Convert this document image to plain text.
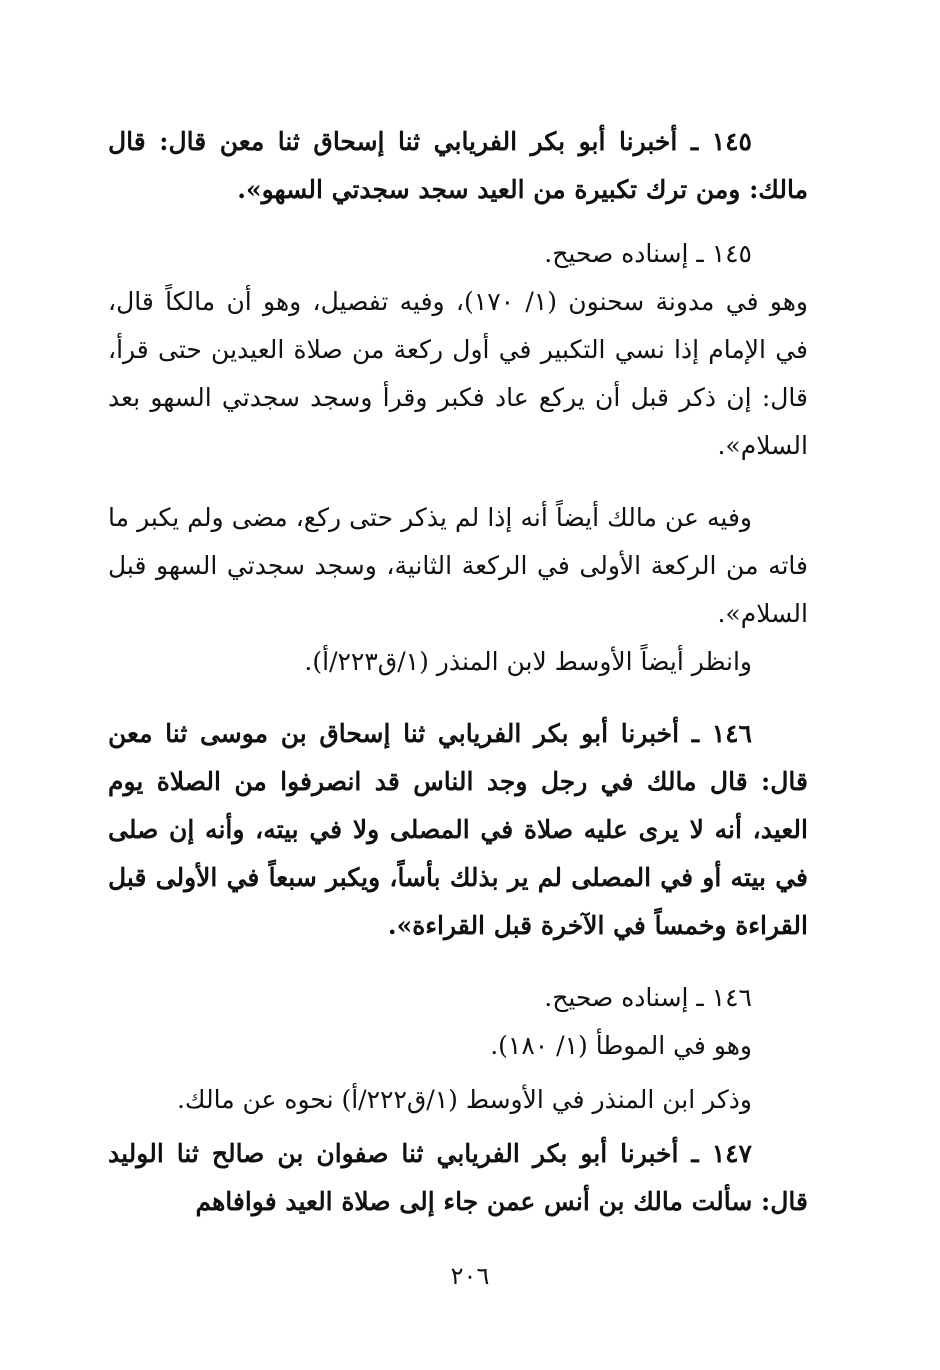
١٤٥ ـ أخبرنا أبو بكر الفريابي ثنا إسحاق ثنا معن قال: قال مالك: ومن ترك تكبيرة من العيد سجد سجدتي السهو».

١٤٥ ـ إسناده صحيح.

وهو في مدونة سحنون (١/ ١٧٠)، وفيه تفصيل، وهو أن مالكاً قال، في الإمام إذا نسي التكبير في أول ركعة من صلاة العيدين حتى قرأ، قال: إن ذكر قبل أن يركع عاد فكبر وقرأ وسجد سجدتي السهو بعد السلام».

وفيه عن مالك أيضاً أنه إذا لم يذكر حتى ركع، مضى ولم يكبر ما فاته من الركعة الأولى في الركعة الثانية، وسجد سجدتي السهو قبل السلام».

وانظر أيضاً الأوسط لابن المنذر (١/ق٢٢٣/أ).

١٤٦ ـ أخبرنا أبو بكر الفريابي ثنا إسحاق بن موسى ثنا معن قال: قال مالك في رجل وجد الناس قد انصرفوا من الصلاة يوم العيد، أنه لا يرى عليه صلاة في المصلى ولا في بيته، وأنه إن صلى في بيته أو في المصلى لم ير بذلك بأساً، ويكبر سبعاً في الأولى قبل القراءة وخمساً في الآخرة قبل القراءة».

١٤٦ ـ إسناده صحيح.

وهو في الموطأ (١/ ١٨٠).

وذكر ابن المنذر في الأوسط (١/ق٢٢٢/أ) نحوه عن مالك.

١٤٧ ـ أخبرنا أبو بكر الفريابي ثنا صفوان بن صالح ثنا الوليد قال: سألت مالك بن أنس عمن جاء إلى صلاة العيد فوافاهم

٢٠٦
